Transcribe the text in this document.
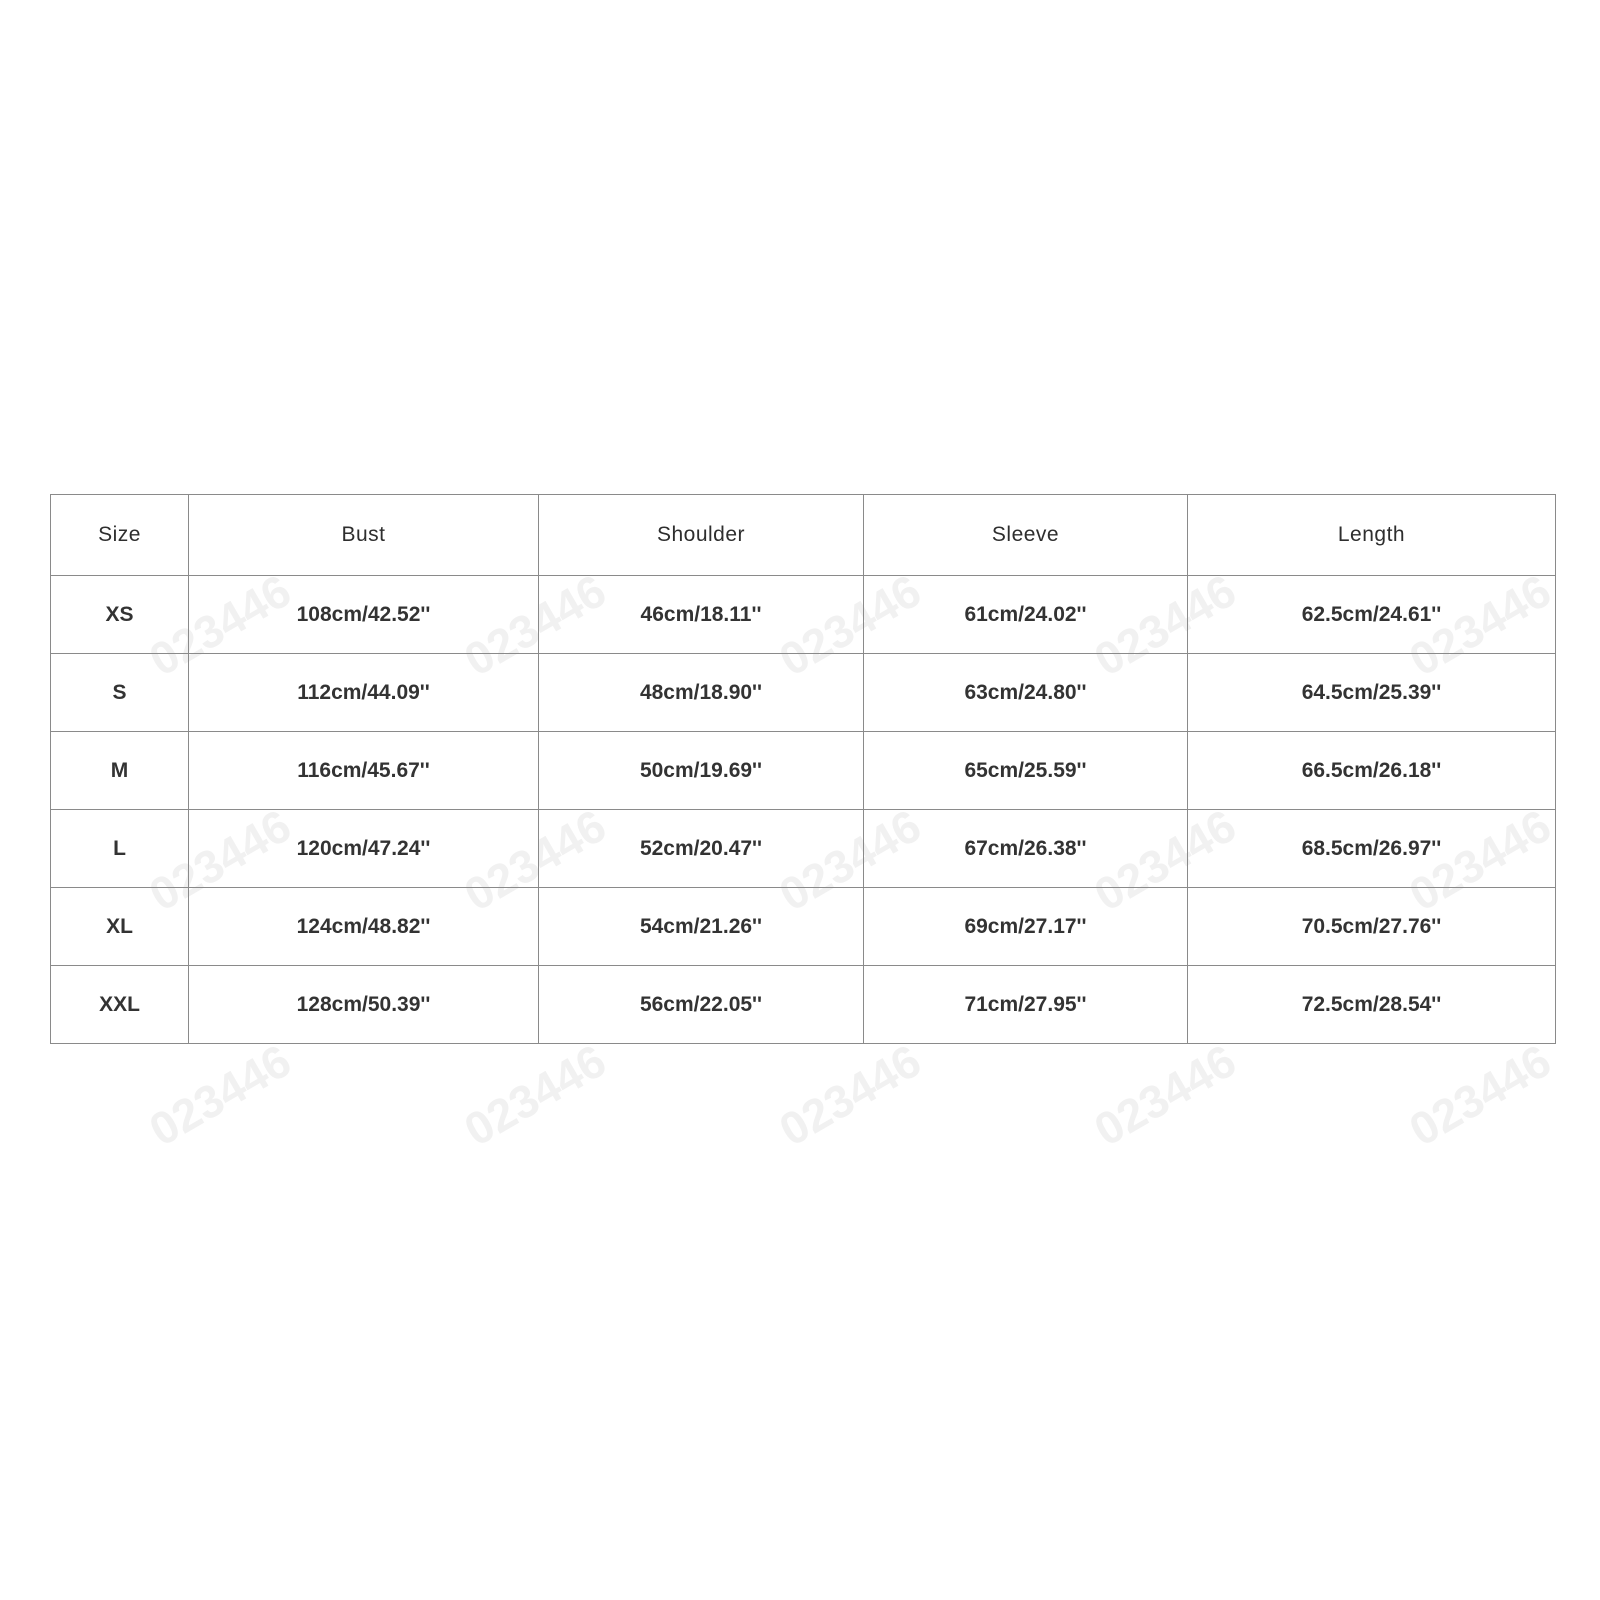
023446	023446	023446	023446	023446
023446	023446	023446	023446	023446
023446	023446	023446	023446	023446
Size	Bust	Shoulder	Sleeve	Length
XS	108cm/42.52''	46cm/18.11''	61cm/24.02''	62.5cm/24.61''
S	112cm/44.09''	48cm/18.90''	63cm/24.80''	64.5cm/25.39''
M	116cm/45.67''	50cm/19.69''	65cm/25.59''	66.5cm/26.18''
L	120cm/47.24''	52cm/20.47''	67cm/26.38''	68.5cm/26.97''
XL	124cm/48.82''	54cm/21.26''	69cm/27.17''	70.5cm/27.76''
XXL	128cm/50.39''	56cm/22.05''	71cm/27.95''	72.5cm/28.54''
